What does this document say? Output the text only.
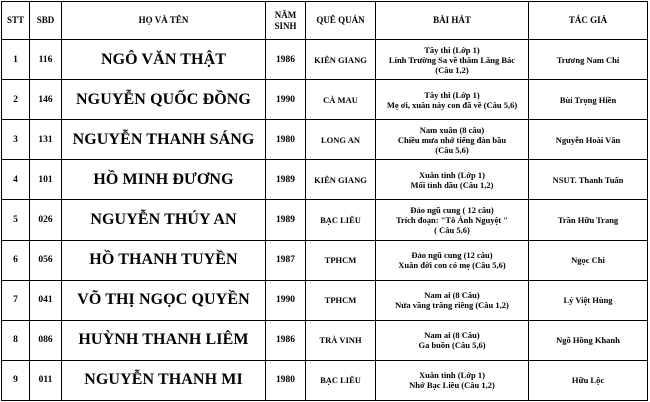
STT	SBD	HỌ VÀ TÊN	NĂM SINH	QUÊ QUÁN	BÀI HÁT	TÁC GIẢ
1	116	NGÔ VĂN THẬT	1986	KIÊN GIANG	Tây thi (Lớp 1)
Lính Trường Sa về thăm Lăng Bác
(Câu 1,2)	Trương Nam Chi
2	146	NGUYỄN QUỐC ĐỒNG	1990	CÀ MAU	Tây thi (Lớp 1)
Mẹ ơi, xuân này con đã về (Câu 5,6)	Bùi Trọng Hiền
3	131	NGUYỄN THANH SÁNG	1980	LONG AN	Nam xuân (8 câu)
Chiều mưa nhớ tiếng đàn bầu
(Câu 5,6)	Nguyễn Hoài Vân
4	101	HỒ MINH ĐƯƠNG	1989	KIÊN GIANG	Xuân tình (Lớp 1)
Mối tình dầu (Câu 1,2)	NSUT. Thanh Tuấn
5	026	NGUYỄN THÚY AN	1989	BẠC LIÊU	Đảo ngũ cung ( 12 câu)
Trích đoạn: "Tô Ánh Nguyệt "
( Câu 5,6)	Trần Hữu Trang
6	056	HỒ THANH TUYỀN	1987	TPHCM	Đảo ngũ cung (12 câu)
Xuân đời con có mẹ (Câu 5,6)	Ngọc Chi
7	041	VÕ THỊ NGỌC QUYỀN	1990	TPHCM	Nam ai (8 Câu)
Nửa vầng trăng riêng (Câu 1,2)	Lý Việt Hùng
8	086	HUỲNH THANH LIÊM	1986	TRÀ VINH	Nam ai (8 Câu)
Ga buồn (Câu 5,6)	Ngô Hồng Khanh
9	011	NGUYỄN THANH MI	1980	BẠC LIÊU	Xuân tình (Lớp 1)
Nhớ Bạc Liêu (Câu 1,2)	Hữu Lộc
